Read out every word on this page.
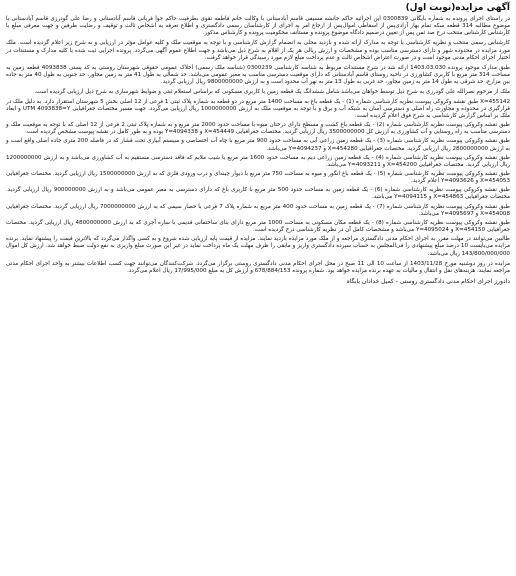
آگهی مزایده(نوبت اول)

در راستای اجرای پرونده به شماره بایگانی 0300839 این اجرائیه حاکم جانشه مسیفی قاسم آبادستانی با وکالت خانم فاطمه تقوی بطرفیت حاکم جوا فریانی قاسم آبادستانی و رضا علی گودرزی قاسم آبادستانی با موضوع مطالبه 314 قطعه سکه تمام بهار آزادی‌پس از اسقاطی اموال‌پس از ارجاع امر به اجرای از کارشناسان رسمی دادگستری و اطلاع تعرفه به اشخاص ثالث و توقیف و رضایت طرفین و جهت معرفی مبلغ با کارشناس کارشناس منتخب درج صد ثمن پس از تعیین درصمیم دادگاه موضوع پرونده و مستأنف محکومیت پرونده و کارشناس مذکور.

کارشناس رسمی منتخب و نظریه کارشناسی با توجه به مدارک ارائه شده و بازدید محلی به انضمام گزارش کارشناسی و با توجه به موقعیت ملک و کلیه عوامل مؤثر در ارزیابی و به شرح زیر اعلام گردیده است. ملک مورد مزایده در محدوده شهر و دارای دسترسی مناسب بوده و مشخصات و ارزش ریالی هر یک از اقلام به شرح ذیل می‌باشد و جهت اطلاع عموم آگهی می‌گردد. پرونده اجرایی ثبت شده با کلیه مدارک و مستندات در اختیار اجرای احکام مدنی موجود است و در صورت اعتراض اشخاص ثالث و عدم پرداخت مبلغ لازم مورد رسیدگی قرار خواهد گرفت.

طبق مدارک موجود پرونده 1403.03.030 ارائه شد در شرح مستندات مربوط به شناسه کارشناسی 0300239 (شناسه ملک رسمی) اخلاک عمومی حقوقی شهرستان روستی به کد پستی 4093838 قطعه زمین به مساحت 314 متر مربع با کاربری کشاورزی در ناحیه روستای قاسم آبادستانی که دارای موقعیت دسترسی مناسب به معبر عمومی می‌باشد. حد شمالی به طول 41 متر به زمین مجاور، حد جنوبی به طول 40 متر به جاده بین مزارع، حد شرقی به طول 14 متر به زمین مجاور، حد غربی به طول 13 متر به نهر آب محدود است و به ارزش 9800000000 ریال ارزیابی گردید.

ملک از مرحوم نصرالله علی گودرزی به شرح ذیل توسط خواهان می‌باشد شامل ششدانگ یک قطعه زمین با کاربری مسکونی که براساس استعلام ثبتی و ضوابط شهرسازی به شرح ذیل ارزیابی گردیده است.

455142=X طبق نقشه وکروکی پیوست نظریه کارشناسی شماره (1) - یک قطعه باغ به مساحت 1400 متر مربع در دو قطعه به شماره پلاک ثبتی 1 فرعی از 12 اصلی بخش 5 شهرستان استقرار دارد. به دلیل ملک در قرارگیری در محدوده و مجاورت راه اصلی و دسترسی آسان به شبکه آب و برق و با توجه به موقعیت ملک به ارزش 1000000000 ریال ارزیابی می‌گردد. جهت مسیر مختصات جغرافیایی UTM 4093838=Y و ابعاد ملک بر اساس گزارش کارشناسی به شرح فوق اعلام گردیده است.

طبق نقشه وکروکی پیوست نظریه کارشناسی شماره (2) - یک قطعه باغ کشت و مسطح دارای درختان میوه با مساحت حدود 2000 متر مربع و به شماره پلاک ثبتی 2 فرعی از 12 اصلی که با توجه به موقعیت ملک و دسترسی مناسب به راه روستایی و آب کشاورزی به ارزش کل 3500000000 ریال ارزیابی گردید. مختصات جغرافیایی X=454449 و Y=4094338 بوده و به طور کامل در نقشه پیوست مشخص گردیده است.

طبق نقشه وکروکی پیوست نظریه کارشناسی شماره (3) - یک قطعه زمین زراعی آبی به مساحت حدود 900 متر مربع با چاه آب اختصاصی و سیستم آبیاری تحت فشار که در فاصله 200 متری جاده اصلی واقع است و به ارزش 2800000000 ریال ارزیابی گردید. مختصات جغرافیایی X=454280 و Y=4094237 می‌باشد.

طبق نقشه وکروکی پیوست نظریه کارشناسی شماره (4) - یک قطعه زمین زراعی دیم به مساحت حدود 1600 متر مربع با شیب ملایم که فاقد دسترسی مستقیم به آب کشاورزی می‌باشد و به ارزش 1200000000 ریال ارزیابی گردید. مختصات جغرافیایی X=454200 و Y=4093211 می‌باشد.

طبق نقشه وکروکی پیوست نظریه کارشناسی شماره (5) - یک قطعه باغ انگور و میوه به مساحت 750 متر مربع با دیوار چینه‌ای و درب ورودی فلزی که به ارزش 1500000000 ریال ارزیابی گردید. مختصات جغرافیایی X=454053 و Y=4093626 اعلام گردید.

طبق نقشه وکروکی پیوست نظریه کارشناسی شماره (6) - یک قطعه زمین به مساحت حدود 500 متر مربع با کاربری باغ که دارای دسترسی به معبر عمومی می‌باشد و به ارزش 900000000 ریال ارزیابی گردید. مختصات جغرافیایی X=454863 و Y=4094115 می‌باشد.

طبق نقشه وکروکی پیوست نظریه کارشناسی شماره (7) - یک قطعه زمین به مساحت حدود 400 متر مربع به شماره پلاک 7 فرعی با حصار سیمی که به ارزش 7000000000 ریال ارزیابی گردید. مختصات جغرافیایی X=454008 و Y=4095697 می‌باشد.

طبق نقشه وکروکی پیوست نظریه کارشناسی شماره (8) - یک قطعه مکان مسکونی به مساحت 1000 متر مربع دارای بنای ساختمانی قدیمی با سازه آجری که به ارزش 4800000000 ریال ارزیابی گردید. مختصات جغرافیایی X=454150 و Y=4095024 می‌باشد و مشخصات کامل آن در نظریه کارشناسی درج گردیده است.

طالبین می‌توانند در مهلت مقرر به اجرای احکام مدنی دادگستری مراجعه و از ملک مورد مزایده بازدید نمایند. مزایده از قیمت پایه ارزیابی شده شروع و به کسی واگذار می‌گردد که بالاترین قیمت را پیشنهاد نماید. برنده مزایده می‌بایست 10 درصد مبلغ پیشنهادی را فی‌المجلس به حساب سپرده دادگستری واریز و مابقی را ظرف مهلت یک ماه پرداخت نماید در غیر این صورت مبلغ واریزی به نفع دولت ضبط خواهد شد. ارزش کل اموال 143/800/000/000 ریال می‌باشد.

مزایده در روز دوشنبه مورخ 1403/11/28 از ساعت 10 الی 11 صبح در محل اجرای احکام مدنی دادگستری روستی برگزار می‌گردد. شرکت‌کنندگان می‌توانند جهت کسب اطلاعات بیشتر به واحد اجرای احکام مدنی مراجعه نمایند. هزینه‌های نقل و انتقال و مالیات به عهده برنده مزایده خواهد بود. شماره پرونده 678/884/153 و ارزش کل به مبلغ 17/995/000 ریال اعلام می‌گردد.

دادورز اجرای احکام مدنی دادگستری روستی - کمیل خدادان بابگاه
